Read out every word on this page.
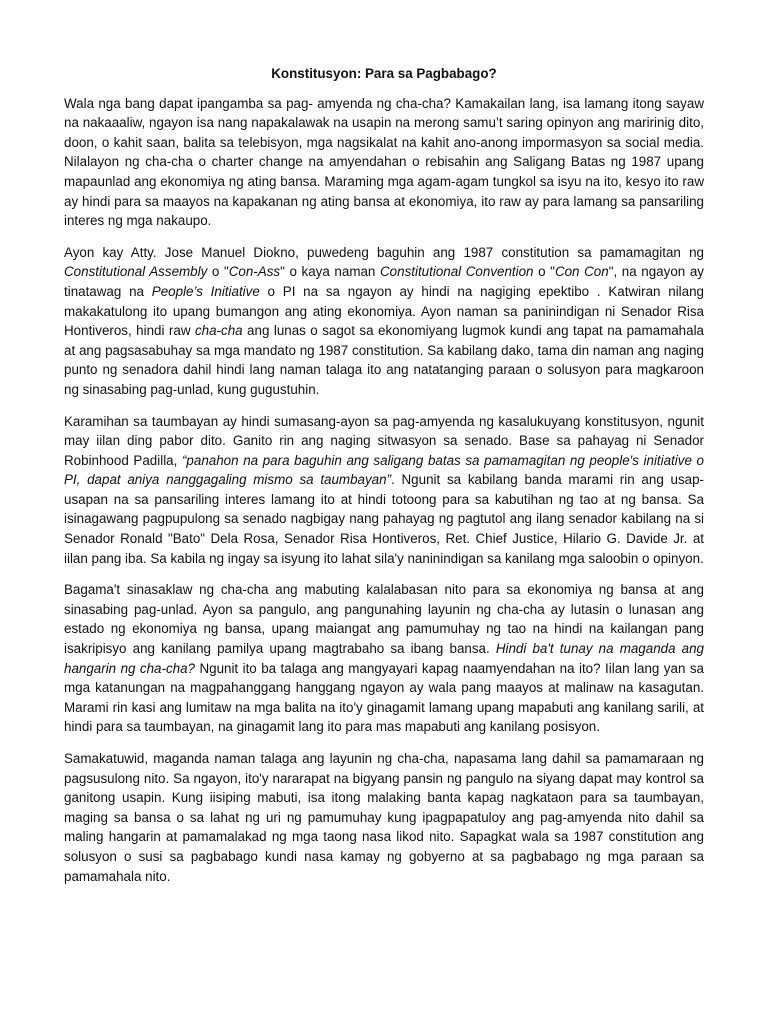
Konstitusyon: Para sa Pagbabago?

Wala nga bang dapat ipangamba sa pag- amyenda ng cha-cha? Kamakailan lang, isa lamang itong sayaw na nakaaaliw, ngayon isa nang napakalawak na usapin na merong samu’t saring opinyon ang maririnig dito, doon, o kahit saan, balita sa telebisyon, mga nagsikalat na kahit ano-anong impormasyon sa social media. Nilalayon ng cha-cha o charter change na amyendahan o rebisahin ang Saligang Batas ng 1987 upang mapaunlad ang ekonomiya ng ating bansa. Maraming mga agam-agam tungkol sa isyu na ito, kesyo ito raw ay hindi para sa maayos na kapakanan ng ating bansa at ekonomiya, ito raw ay para lamang sa pansariling interes ng mga nakaupo.

Ayon kay Atty. Jose Manuel Diokno, puwedeng baguhin ang 1987 constitution sa pamamagitan ng Constitutional Assembly o "Con-Ass" o kaya naman Constitutional Convention o "Con Con", na ngayon ay tinatawag na People’s Initiative o PI na sa ngayon ay hindi na nagiging epektibo . Katwiran nilang makakatulong ito upang bumangon ang ating ekonomiya. Ayon naman sa paninindigan ni Senador Risa Hontiveros, hindi raw cha-cha ang lunas o sagot sa ekonomiyang lugmok kundi ang tapat na pamamahala at ang pagsasabuhay sa mga mandato ng 1987 constitution. Sa kabilang dako, tama din naman ang naging punto ng senadora dahil hindi lang naman talaga ito ang natatanging paraan o solusyon para magkaroon ng sinasabing pag-unlad, kung gugustuhin.

Karamihan sa taumbayan ay hindi sumasang-ayon sa pag-amyenda ng kasalukuyang konstitusyon, ngunit may iilan ding pabor dito. Ganito rin ang naging sitwasyon sa senado. Base sa pahayag ni Senador Robinhood Padilla, “panahon na para baguhin ang saligang batas sa pamamagitan ng people's initiative o PI, dapat aniya nanggagaling mismo sa taumbayan”. Ngunit sa kabilang banda marami rin ang usap-usapan na sa pansariling interes lamang ito at hindi totoong para sa kabutihan ng tao at ng bansa. Sa isinagawang pagpupulong sa senado nagbigay nang pahayag ng pagtutol ang ilang senador kabilang na si Senador Ronald "Bato" Dela Rosa, Senador Risa Hontiveros, Ret. Chief Justice, Hilario G. Davide Jr. at iilan pang iba. Sa kabila ng ingay sa isyung ito lahat sila'y naninindigan sa kanilang mga saloobin o opinyon.

Bagama't sinasaklaw ng cha-cha ang mabuting kalalabasan nito para sa ekonomiya ng bansa at ang sinasabing pag-unlad. Ayon sa pangulo, ang pangunahing layunin ng cha-cha ay lutasin o lunasan ang estado ng ekonomiya ng bansa, upang maiangat ang pamumuhay ng tao na hindi na kailangan pang isakripisyo ang kanilang pamilya upang magtrabaho sa ibang bansa. Hindi ba't tunay na maganda ang hangarin ng cha-cha? Ngunit ito ba talaga ang mangyayari kapag naamyendahan na ito? Iilan lang yan sa mga katanungan na magpahanggang hanggang ngayon ay wala pang maayos at malinaw na kasagutan. Marami rin kasi ang lumitaw na mga balita na ito'y ginagamit lamang upang mapabuti ang kanilang sarili, at hindi para sa taumbayan, na ginagamit lang ito para mas mapabuti ang kanilang posisyon.

Samakatuwid, maganda naman talaga ang layunin ng cha-cha, napasama lang dahil sa pamamaraan ng pagsusulong nito. Sa ngayon, ito'y nararapat na bigyang pansin ng pangulo na siyang dapat may kontrol sa ganitong usapin. Kung iisiping mabuti, isa itong malaking banta kapag nagkataon para sa taumbayan, maging sa bansa o sa lahat ng uri ng pamumuhay kung ipagpapatuloy ang pag-amyenda nito dahil sa maling hangarin at pamamalakad ng mga taong nasa likod nito. Sapagkat wala sa 1987 constitution ang solusyon o susi sa pagbabago kundi nasa kamay ng gobyerno at sa pagbabago ng mga paraan sa pamamahala nito.
